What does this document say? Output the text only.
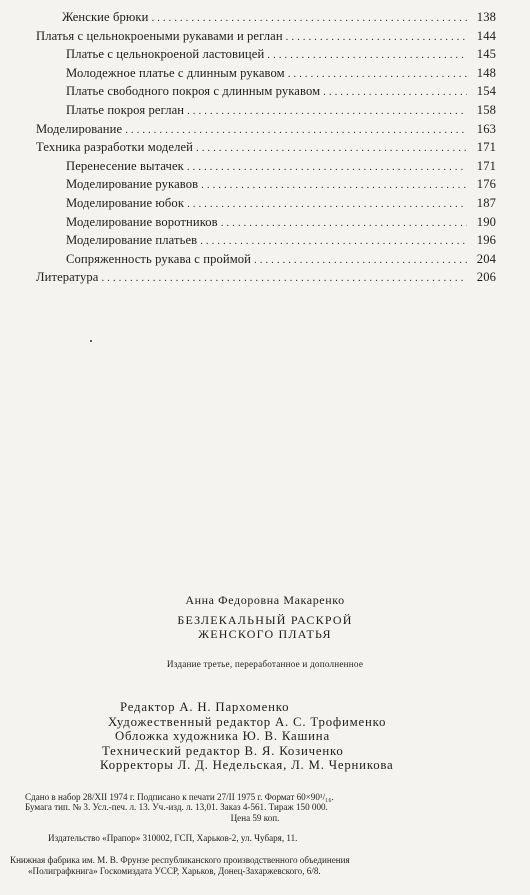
Женские брюки . . .	138
Платья с цельнокроеными рукавами и реглан . . .	144
Платье с цельнокроеной ластовицей . . .	145
Молодежное платье с длинным рукавом . . .	148
Платье свободного покроя с длинным рукавом . . .	154
Платье покроя реглан . . .	158
Моделирование . . .	163
Техника разработки моделей . . .	171
Перенесение вытачек . . .	171
Моделирование рукавов . . .	176
Моделирование юбок . . .	187
Моделирование воротников . . .	190
Моделирование платьев . . .	196
Сопряженность рукава с проймой . . .	204
Литература . . .	206
Анна Федоровна Макаренко
БЕЗЛЕКАЛЬНЫЙ РАСКРОЙ
ЖЕНСКОГО ПЛАТЬЯ
Издание третье, переработанное и дополненное
Редактор А. Н. Пархоменко
Художественный редактор А. С. Трофименко
Обложка художника Ю. В. Кашина
Технический редактор В. Я. Козиченко
Корректоры Л. Д. Недельская, Л. М. Черникова
Сдано в набор 28/XII 1974 г. Подписано к печати 27/II 1975 г. Формат 60×90¹/₁₆.
Бумага тип. № 3. Усл.-печ. л. 13. Уч.-изд. л. 13,01. Заказ 4-561. Тираж 150 000.
Цена 59 коп.
Издательство «Прапор» 310002, ГСП, Харьков-2, ул. Чубаря, 11.
Книжная фабрика им. М. В. Фрунзе республиканского производственного объединения
«Полиграфкнига» Госкомиздата УССР, Харьков, Донец-Захаржевского, 6/8.
